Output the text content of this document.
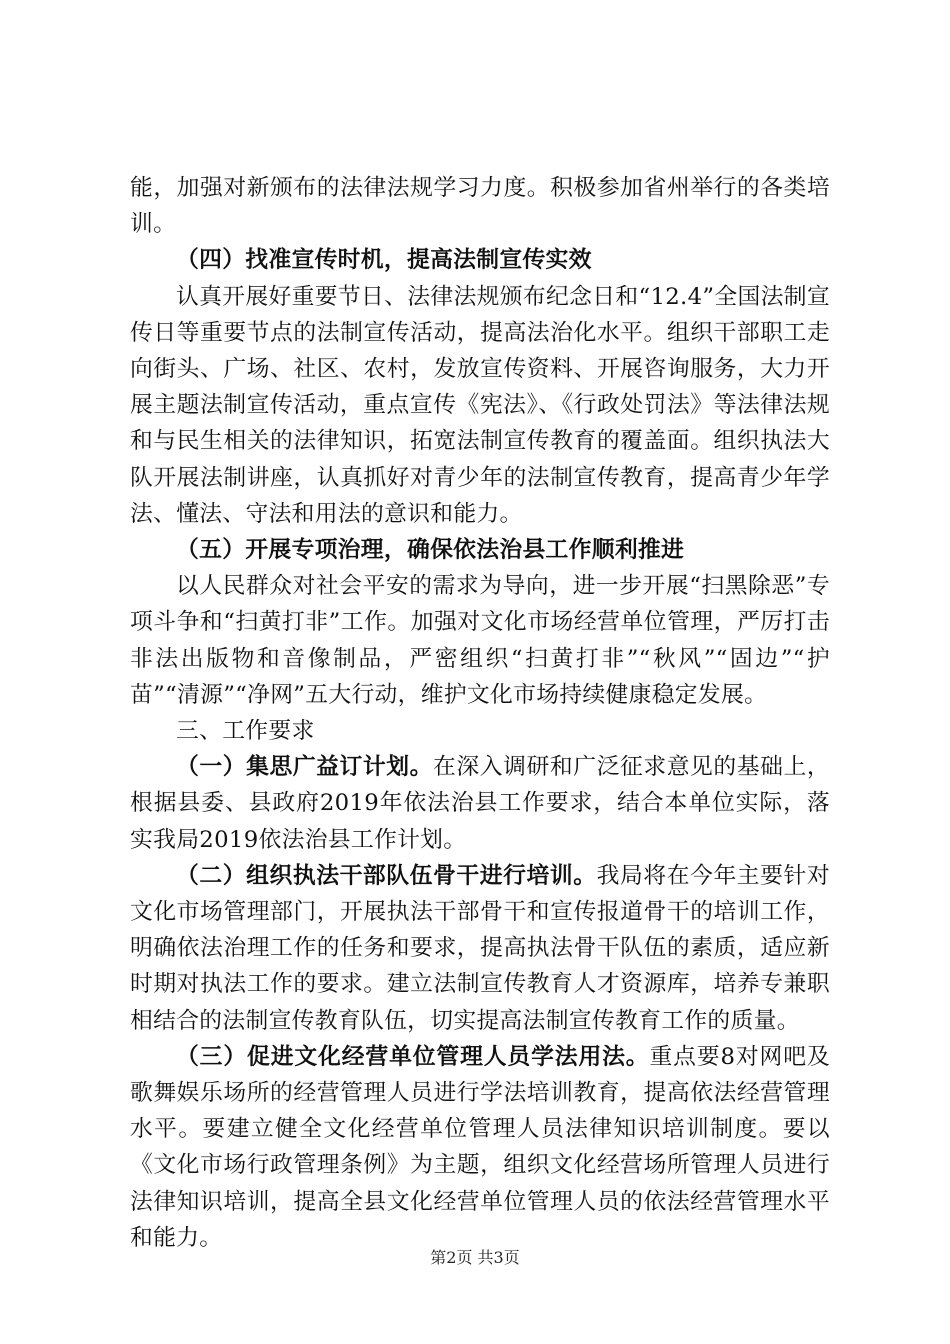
能，加强对新颁布的法律法规学习力度。积极参加省州举行的各类培训。

（四）找准宣传时机，提高法制宣传实效

认真开展好重要节日、法律法规颁布纪念日和“12.4”全国法制宣传日等重要节点的法制宣传活动，提高法治化水平。组织干部职工走向街头、广场、社区、农村，发放宣传资料、开展咨询服务，大力开展主题法制宣传活动，重点宣传《宪法》、《行政处罚法》等法律法规和与民生相关的法律知识，拓宽法制宣传教育的覆盖面。组织执法大队开展法制讲座，认真抓好对青少年的法制宣传教育，提高青少年学法、懂法、守法和用法的意识和能力。

（五）开展专项治理，确保依法治县工作顺利推进

以人民群众对社会平安的需求为导向，进一步开展“扫黑除恶”专项斗争和“扫黄打非”工作。加强对文化市场经营单位管理，严厉打击非法出版物和音像制品，严密组织“扫黄打非”“秋风”“固边”“护苗”“清源”“净网”五大行动，维护文化市场持续健康稳定发展。

三、工作要求

（一）集思广益订计划。在深入调研和广泛征求意见的基础上，根据县委、县政府2019年依法治县工作要求，结合本单位实际，落实我局2019依法治县工作计划。

（二）组织执法干部队伍骨干进行培训。我局将在今年主要针对文化市场管理部门，开展执法干部骨干和宣传报道骨干的培训工作，明确依法治理工作的任务和要求，提高执法骨干队伍的素质，适应新时期对执法工作的要求。建立法制宣传教育人才资源库，培养专兼职相结合的法制宣传教育队伍，切实提高法制宣传教育工作的质量。

（三）促进文化经营单位管理人员学法用法。重点要8对网吧及歌舞娱乐场所的经营管理人员进行学法培训教育，提高依法经营管理水平。要建立健全文化经营单位管理人员法律知识培训制度。要以《文化市场行政管理条例》为主题，组织文化经营场所管理人员进行法律知识培训，提高全县文化经营单位管理人员的依法经营管理水平和能力。

第2页 共3页
